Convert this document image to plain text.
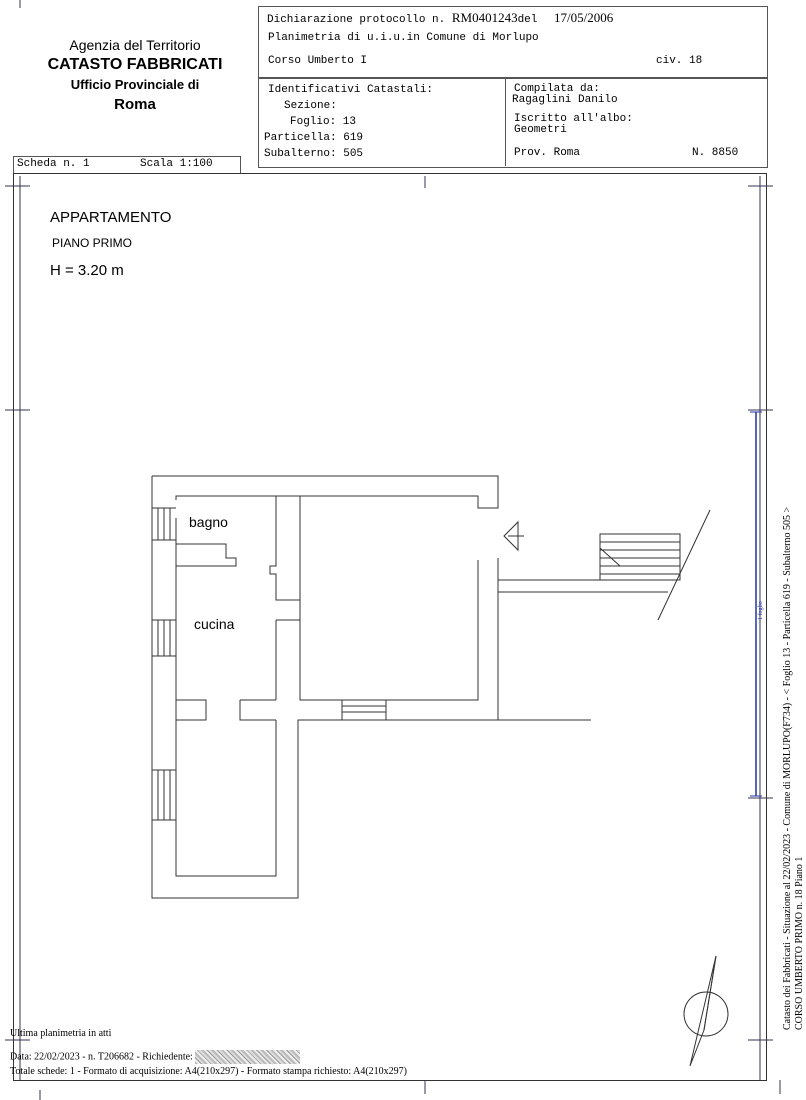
Agenzia del Territorio
CATASTO FABBRICATI
Ufficio Provinciale di
Roma
Dichiarazione protocollo n. RM0401243del 17/05/2006
Planimetria di u.i.u.in Comune di Morlupo
Corso Umberto I	civ. 18
Identificativi Catastali:
Sezione:
Foglio: 13
Particella: 619
Subalterno: 505
Compilata da:
Ragaglini Danilo
Iscritto all'albo:
Geometri
Prov. Roma	N. 8850
Scheda n. 1	Scala 1:100
APPARTAMENTO
PIANO PRIMO
H = 3.20 m
bagno
cucina
1 foglio Catasto dei Fabbricati - Situazione al 22/02/2023 - Comune di MORLUPO(F734) - < Foglio 13 - Particella 619 - Subalterno 505 > CORSO UMBERTO PRIMO n. 18 Piano 1
Ultima planimetria in atti
Data: 22/02/2023 - n. T206682 - Richiedente:
Totale schede: 1 - Formato di acquisizione: A4(210x297) - Formato stampa richiesto: A4(210x297)
